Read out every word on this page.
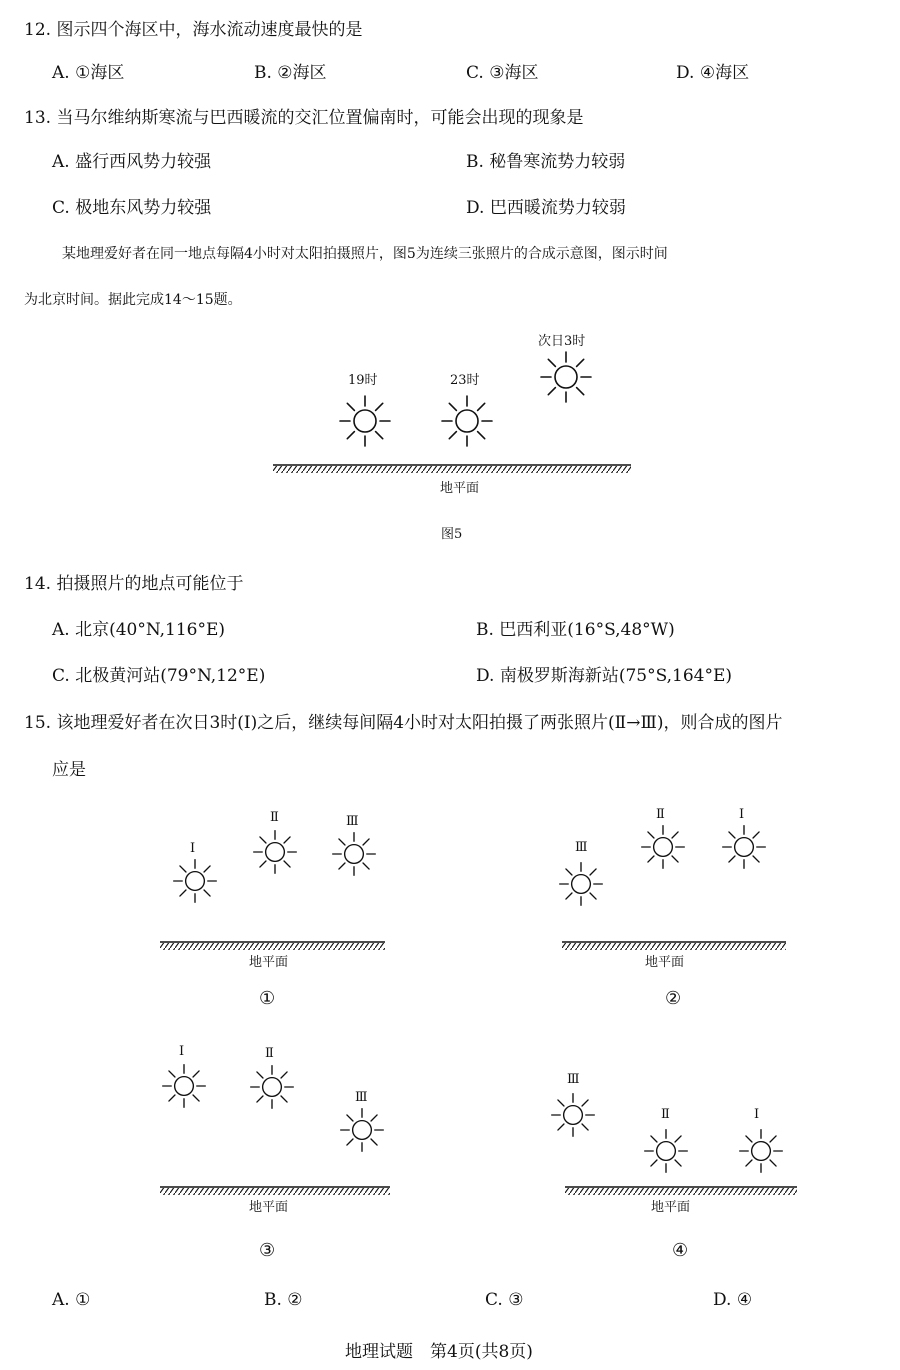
12. 图示四个海区中，海水流动速度最快的是
A. ①海区	B. ②海区	C. ③海区	D. ④海区
13. 当马尔维纳斯寒流与巴西暖流的交汇位置偏南时，可能会出现的现象是
A. 盛行西风势力较强	B. 秘鲁寒流势力较弱
C. 极地东风势力较强	D. 巴西暖流势力较弱
某地理爱好者在同一地点每隔4小时对太阳拍摄照片，图5为连续三张照片的合成示意图，图示时间
为北京时间。据此完成14～15题。
19时	23时
次日3时
地平面
图5
14. 拍摄照片的地点可能位于
A. 北京(40°N,116°E)	B. 巴西利亚(16°S,48°W)
C. 北极黄河站(79°N,12°E)	D. 南极罗斯海新站(75°S,164°E)
15. 该地理爱好者在次日3时(Ⅰ)之后，继续每间隔4小时对太阳拍摄了两张照片(Ⅱ→Ⅲ)，则合成的图片
应是
Ⅰ
Ⅱ	Ⅲ
地平面
①
Ⅲ
Ⅱ	Ⅰ
地平面
②
Ⅰ	Ⅱ
Ⅲ
地平面
③
Ⅲ
Ⅱ	Ⅰ
地平面
④
A. ①	B. ②	C. ③	D. ④
地理试题　第4页(共8页)
